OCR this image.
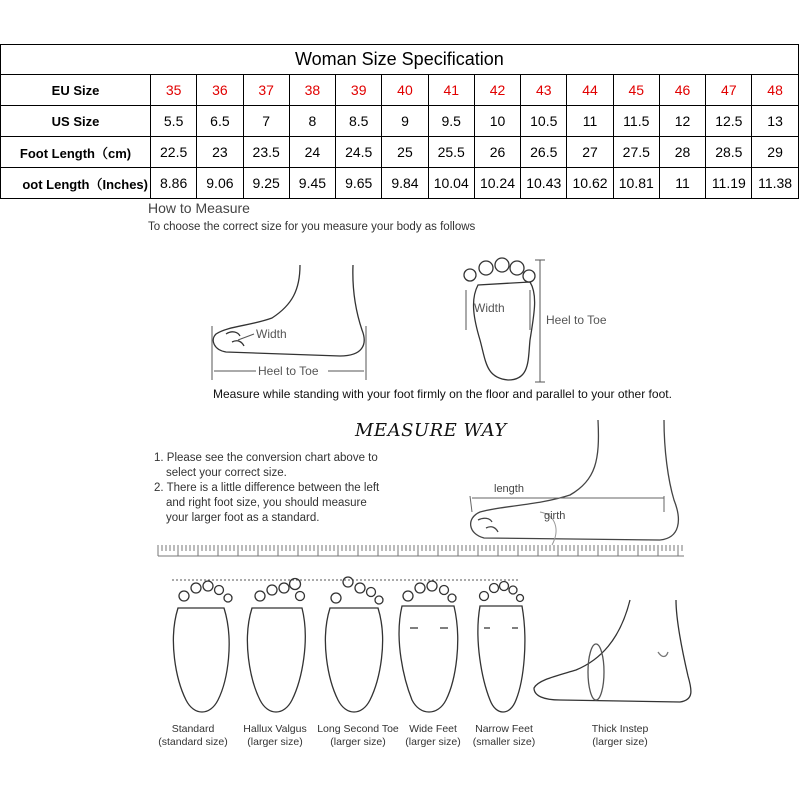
Woman Size Specification														
EU Size	35	36	37	38	39	40	41	42	43	44	45	46	47	48
US Size	5.5	6.5	7	8	8.5	9	9.5	10	10.5	11	11.5	12	12.5	13
Foot Length（cm)	22.5	23	23.5	24	24.5	25	25.5	26	26.5	27	27.5	28	28.5	29
oot Length（Inches)	8.86	9.06	9.25	9.45	9.65	9.84	10.04	10.24	10.43	10.62	10.81	11	11.19	11.38
How to Measure
To choose the correct size for you measure your body as follows
Width
Heel to Toe
Width
Heel to Toe
Measure while standing with your foot firmly on the floor and parallel to your other foot.
MEASURE WAY
1. Please see the conversion chart above to
select your correct size.
2. There is a little difference between the left
and right foot size, you should measure
your larger foot as a standard.
length
girth
Standard
(standard size)
Hallux Valgus
(larger size)
Long Second Toe
(larger size)
Wide Feet
(larger size)
Narrow Feet
(smaller size)
Thick Instep
(larger size)
